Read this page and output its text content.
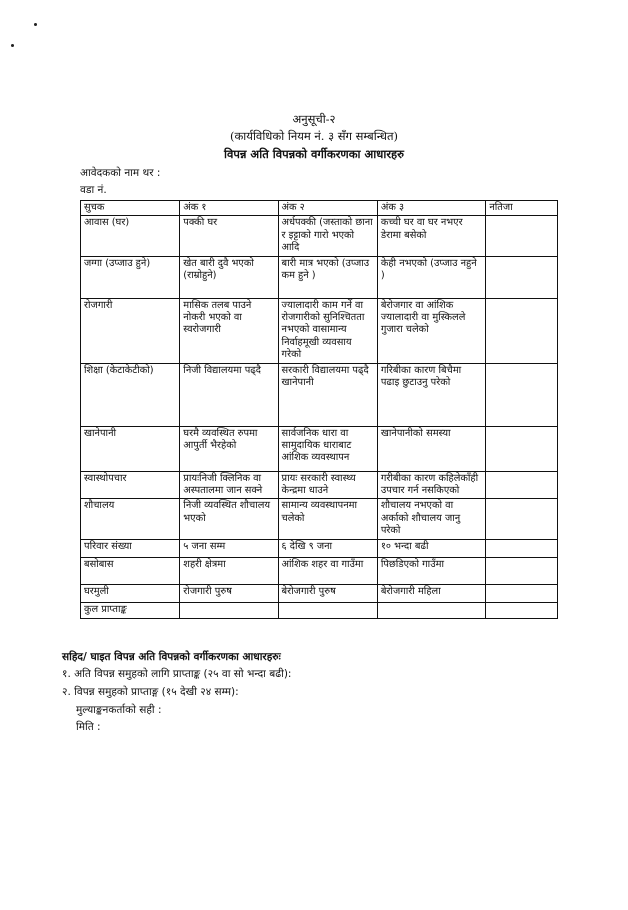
अनुसूची-२
(कार्यविधिको नियम नं. ३ सँग सम्बन्धित)
विपन्न अति विपन्नको वर्गीकरणका आधारहरु
आवेदकको नाम थर :
वडा नं.
सुचक	अंक १	अंक २	अंक ३	नतिजा
आवास (घर)	पक्की घर	अर्धपक्की (जस्ताको छाना र इट्टाको गारो भएको आदि	कच्ची घर वा घर नभएर डेरामा बसेको	
जग्गा (उप्जाउ हुने)	खेत बारी दुवै भएको (राम्रोहुने)	बारी मात्र भएको (उप्जाउ कम हुने )	केही नभएको (उप्जाउ नहुने )	
रोजगारी	मासिक तलब पाउने नोकरी भएको वा स्वरोजगारी	ज्यालादारी काम गर्ने वा रोजगारीको सुनिश्चितता नभएको वासामान्य निर्वाहमूखी व्यवसाय गरेको	बेरोजगार वा आंशिक ज्यालादारी वा मुस्किलले गुजारा चलेको	
शिक्षा (केटाकेटीको)	निजी विद्यालयमा पढ्दै	सरकारी विद्यालयमा पढ्दै खानेपानी	गरिबीका कारण बिचैमा पढाइ छुटाउनु परेको	
खानेपानी	घरमै व्यवस्थित रुपमा आपुर्ती भैरहेको	सार्वजनिक धारा वा सामुदायिक धाराबाट आंशिक व्यवस्थापन	खानेपानीको समस्या	
स्वास्थोपचार	प्रायःनिजी क्लिनिक वा अस्पतालमा जान सक्ने	प्रायः सरकारी स्वास्थ्य केन्द्रमा धाउने	गरीबीका कारण कहिलेकाँही उपचार गर्न नसकिएको	
शौचालय	निजी व्यवस्थित शौचालय भएको	सामान्य व्यवस्थापनमा चलेको	शौचालय नभएको वा अर्काको शौचालय जानु परेको	
परिवार संख्या	५ जना सम्म	६ देखि ९ जना	१० भन्दा बढी	
बसोबास	शहरी क्षेत्रमा	आंशिक शहर वा गाउँमा	पिछडिएको गाउँमा	
घरमुली	रोजगारी पुरुष	बेरोजगारी पुरुष	बेरोजगारी महिला	
कुल प्राप्ताङ्क				
सहिद/ घाइत विपन्न अति विपन्नको वर्गीकरणका आधारहरुः
१. अति विपन्न समुहको लागि प्राप्ताङ्क (२५ वा सो भन्दा बढी):
२. विपन्न समुहको प्राप्ताङ्ग (१५ देखी २४ सम्म):
मुल्याङ्कनकर्ताको सही :
मिति :
